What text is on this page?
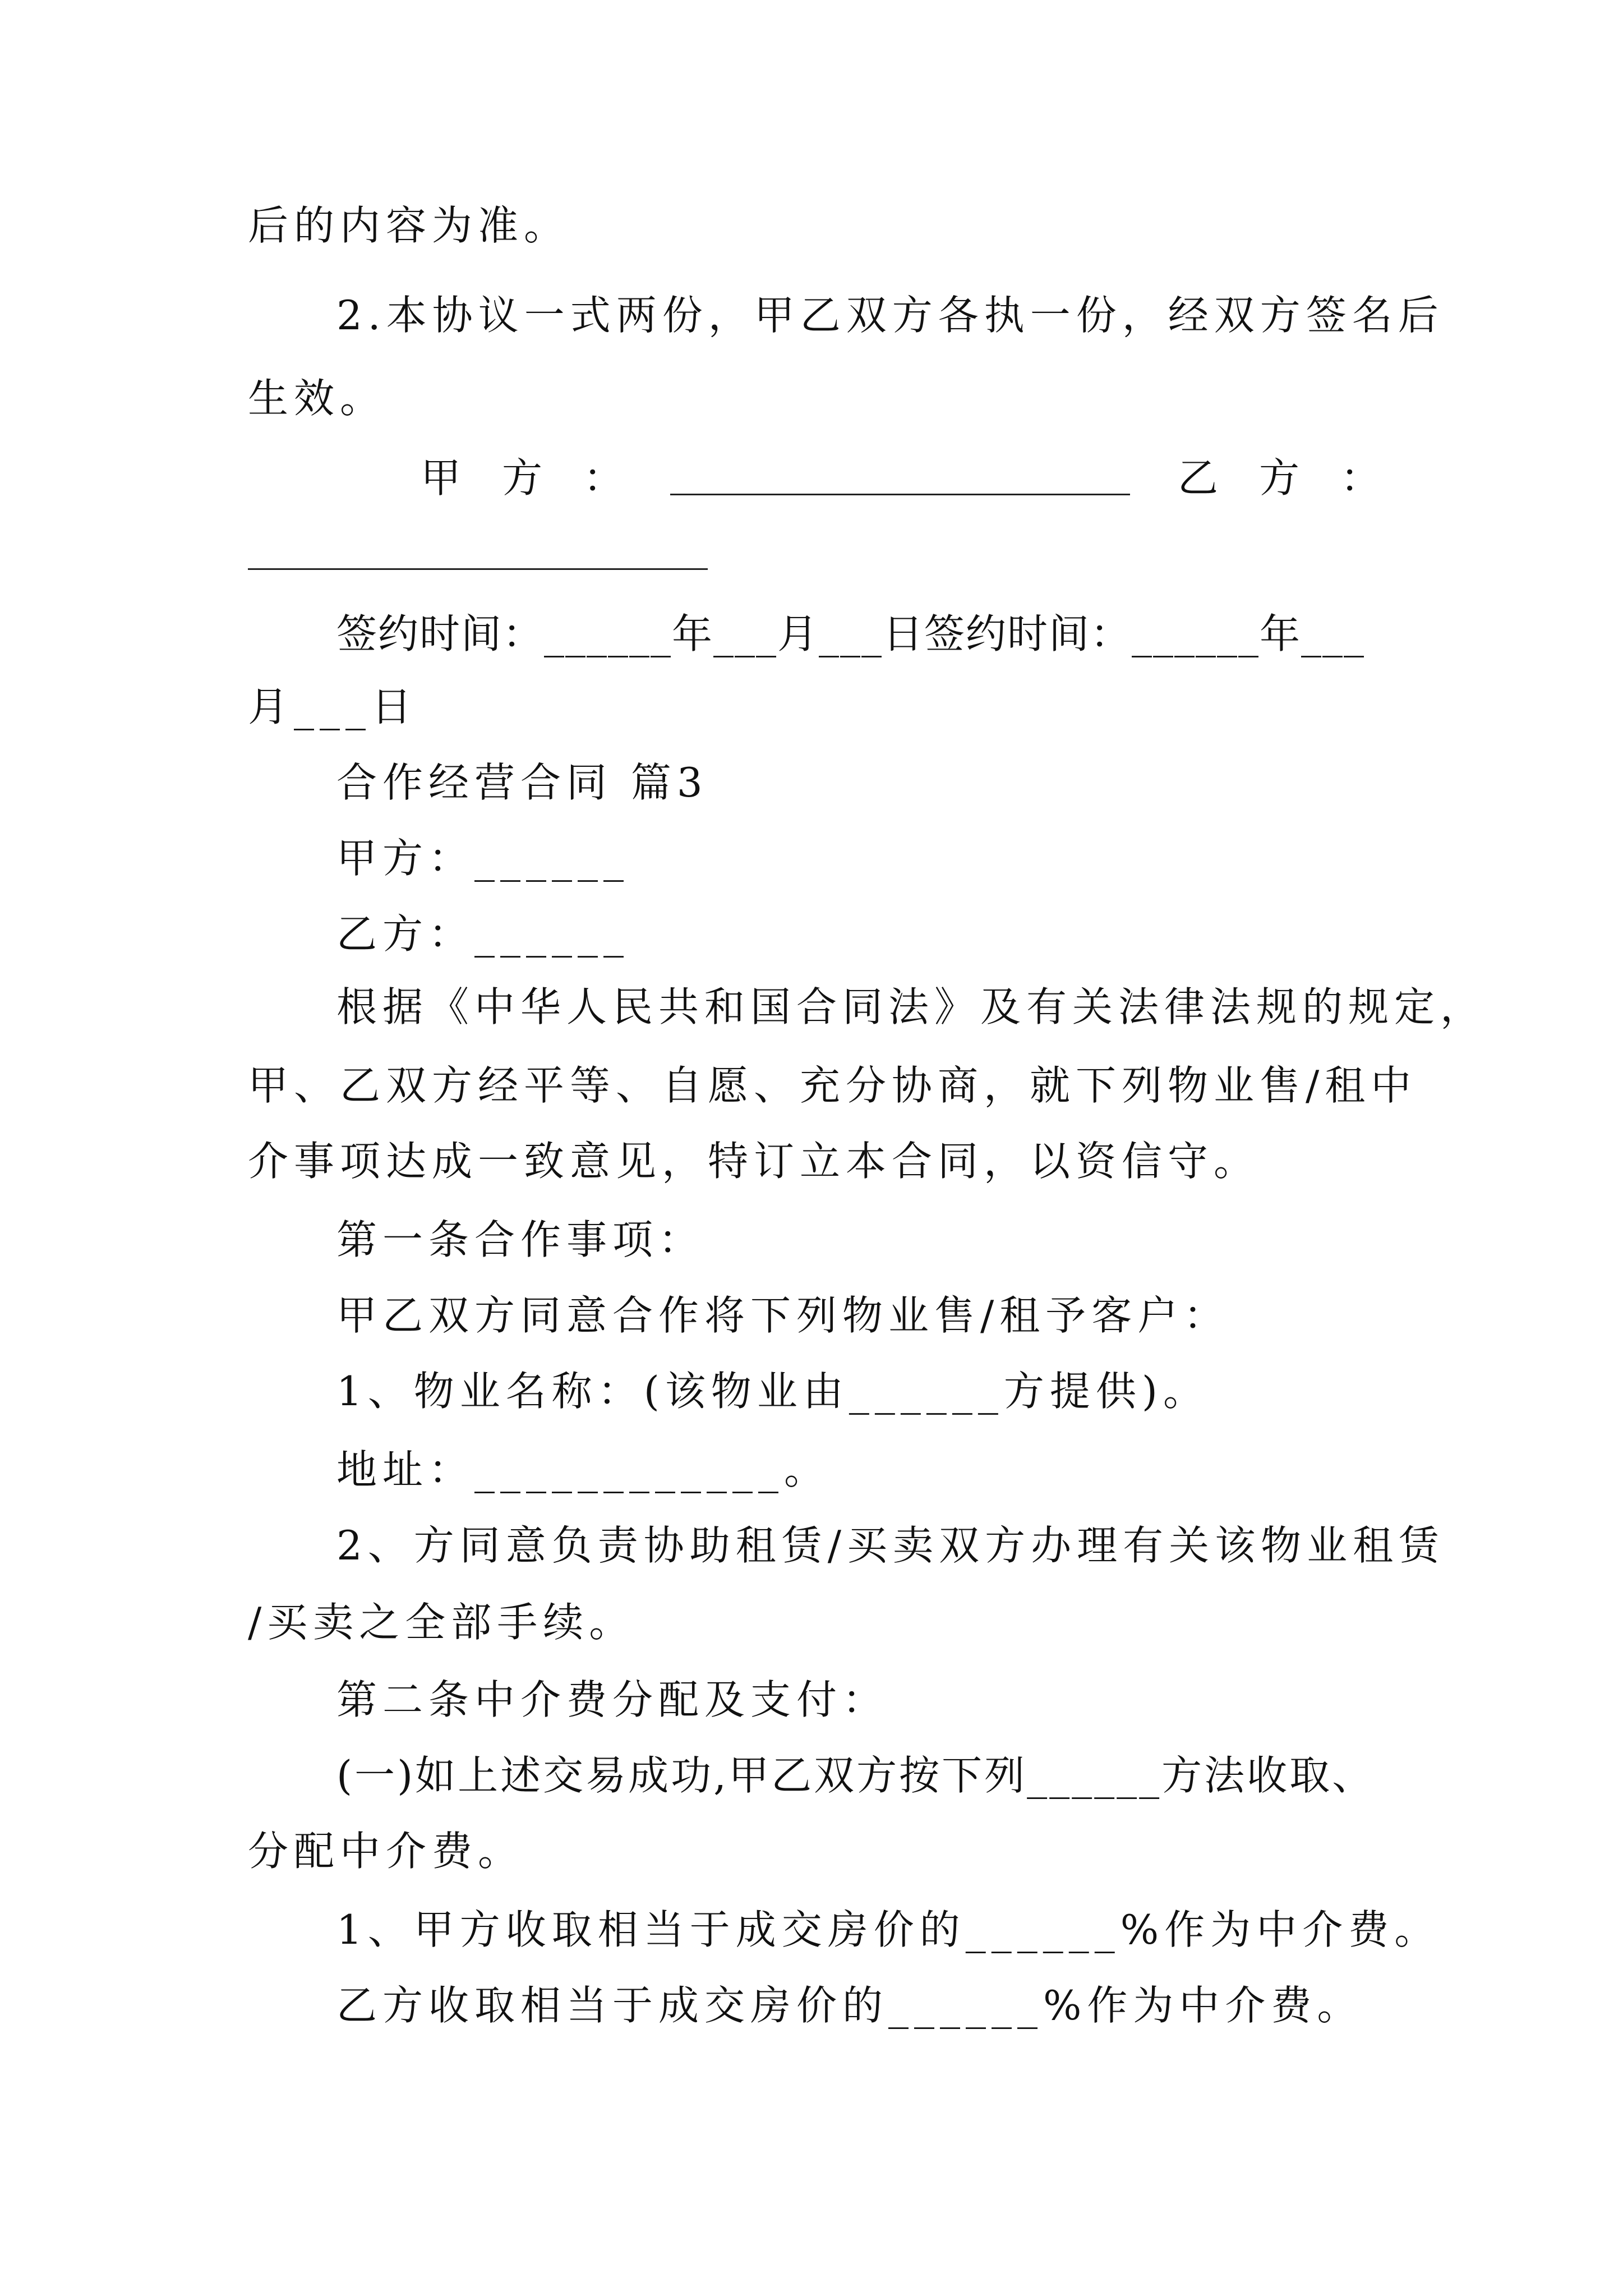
后的内容为准。
2.本协议一式两份，甲乙双方各执一份，经双方签名后
生效。
甲 方 ：	乙 方 ：
签约时间：______年___月___日签约时间：______年___
月___日
合作经营合同 篇3
甲方：______
乙方：______
根据《中华人民共和国合同法》及有关法律法规的规定，
甲、乙双方经平等、自愿、充分协商，就下列物业售/租中
介事项达成一致意见，特订立本合同，以资信守。
第一条合作事项：
甲乙双方同意合作将下列物业售/租予客户：
1、物业名称：(该物业由______方提供)。
地址：____________。
2、方同意负责协助租赁/买卖双方办理有关该物业租赁
/买卖之全部手续。
第二条中介费分配及支付：
(一)如上述交易成功,甲乙双方按下列______方法收取、
分配中介费。
1、甲方收取相当于成交房价的______%作为中介费。
乙方收取相当于成交房价的______%作为中介费。
